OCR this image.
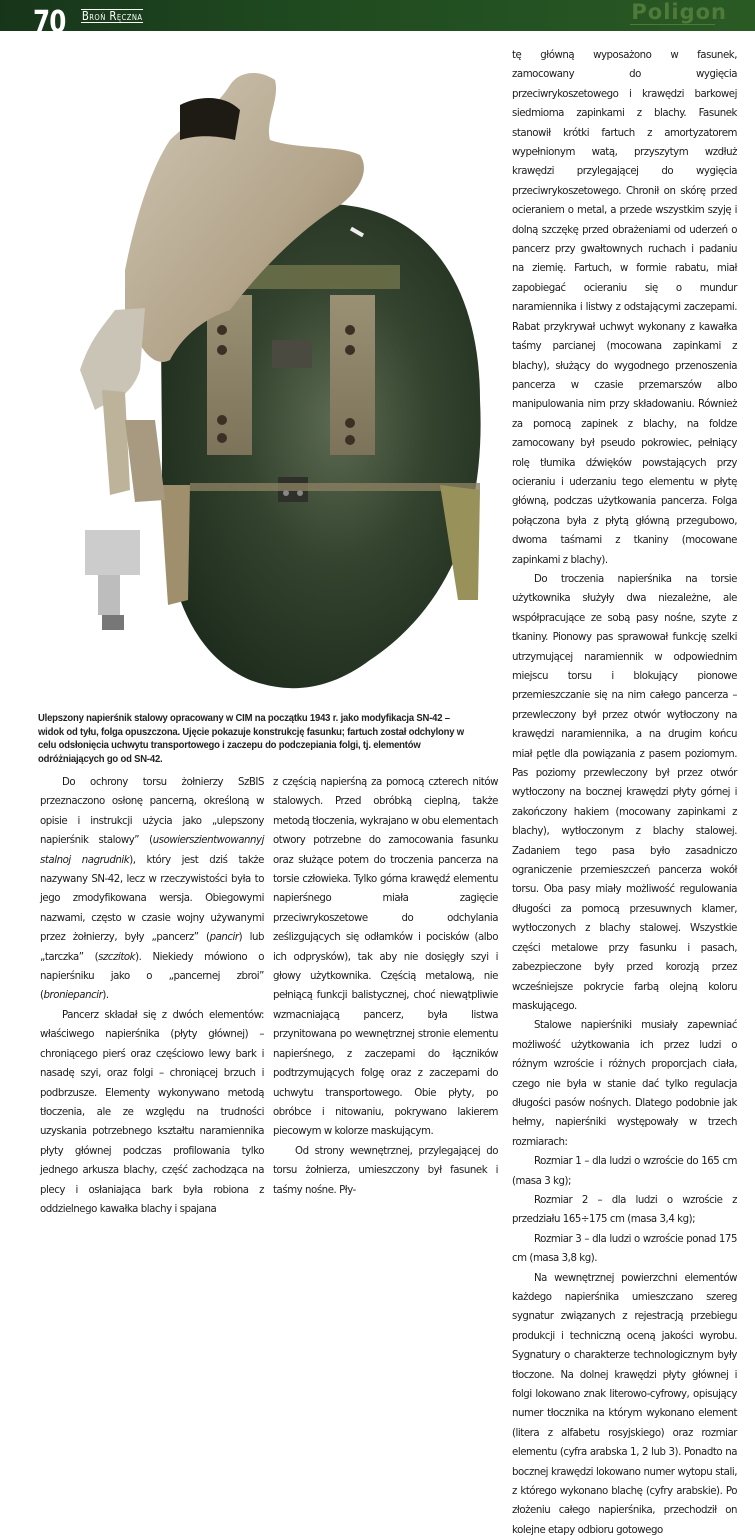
70 Broń Ręczna	Poligon
Ulepszony napierśnik stalowy opracowany w CIM na początku 1943 r. jako modyfikacja SN-42 – widok od tyłu, folga opuszczona. Ujęcie pokazuje konstrukcję fasunku; fartuch został odchylony w celu odsłonięcia uchwytu transportowego i zaczepu do podczepiania folgi, tj. elementów odróżniających go od SN-42.

Do ochrony torsu żołnierzy SzBIS przeznaczono osłonę pancerną, określoną w opisie i instrukcji użycia jako „ulepszony napierśnik stalowy” (usowierszientwowannyj stalnoj nagrudnik), który jest dziś także nazywany SN-42, lecz w rzeczywistości była to jego zmodyfikowana wersja. Obiegowymi nazwami, często w czasie wojny używanymi przez żołnierzy, były „pancerz” (pancir) lub „tarczka” (szczitok). Niekiedy mówiono o napierśniku jako o „pancernej zbroi” (broniepancir).

Pancerz składał się z dwóch elementów: właściwego napierśnika (płyty głównej) – chroniącego pierś oraz częściowo lewy bark i nasadę szyi, oraz folgi – chroniącej brzuch i podbrzusze. Elementy wykonywano metodą tłoczenia, ale ze względu na trudności uzyskania potrzebnego kształtu naramiennika płyty głównej podczas profilowania tylko jednego arkusza blachy, część zachodząca na plecy i osłaniająca bark była robiona z oddzielnego kawałka blachy i spajana

z częścią napierśną za pomocą czterech nitów stalowych. Przed obróbką cieplną, także metodą tłoczenia, wykrajano w obu elementach otwory potrzebne do zamocowania fasunku oraz służące potem do troczenia pancerza na torsie człowieka. Tylko górna krawędź elementu napierśnego miała zagięcie przeciwrykoszetowe do odchylania ześlizgujących się odłamków i pocisków (albo ich odprysków), tak aby nie dosięgły szyi i głowy użytkownika. Częścią metalową, nie pełniącą funkcji balistycznej, choć niewątpliwie wzmacniającą pancerz, była listwa przynitowana po wewnętrznej stronie elementu napierśnego, z zaczepami do łączników podtrzymujących folgę oraz z zaczepami do uchwytu transportowego. Obie płyty, po obróbce i nitowaniu, pokrywano lakierem piecowym w kolorze maskującym.

Od strony wewnętrznej, przylegającej do torsu żołnierza, umieszczony był fasunek i taśmy nośne. Pły-

tę główną wyposażono w fasunek, zamocowany do wygięcia przeciwrykoszetowego i krawędzi barkowej siedmioma zapinkami z blachy. Fasunek stanowił krótki fartuch z amortyzatorem wypełnionym watą, przyszytym wzdłuż krawędzi przylegającej do wygięcia przeciwrykoszetowego. Chronił on skórę przed ocieraniem o metal, a przede wszystkim szyję i dolną szczękę przed obrażeniami od uderzeń o pancerz przy gwałtownych ruchach i padaniu na ziemię. Fartuch, w formie rabatu, miał zapobiegać ocieraniu się o mundur naramiennika i listwy z odstającymi zaczepami. Rabat przykrywał uchwyt wykonany z kawałka taśmy parcianej (mocowana zapinkami z blachy), służący do wygodnego przenoszenia pancerza w czasie przemarszów albo manipulowania nim przy składowaniu. Również za pomocą zapinek z blachy, na foldze zamocowany był pseudo pokrowiec, pełniący rolę tłumika dźwięków powstających przy ocieraniu i uderzaniu tego elementu w płytę główną, podczas użytkowania pancerza. Folga połączona była z płytą główną przegubowo, dwoma taśmami z tkaniny (mocowane zapinkami z blachy).

Do troczenia napierśnika na torsie użytkownika służyły dwa niezależne, ale współpracujące ze sobą pasy nośne, szyte z tkaniny. Pionowy pas sprawował funkcję szelki utrzymującej naramiennik w odpowiednim miejscu torsu i blokujący pionowe przemieszczanie się na nim całego pancerza – przewleczony był przez otwór wytłoczony na krawędzi naramiennika, a na drugim końcu miał pętle dla powiązania z pasem poziomym. Pas poziomy przewleczony był przez otwór wytłoczony na bocznej krawędzi płyty górnej i zakończony hakiem (mocowany zapinkami z blachy), wytłoczonym z blachy stalowej. Zadaniem tego pasa było zasadniczo ograniczenie przemieszczeń pancerza wokół torsu. Oba pasy miały możliwość regulowania długości za pomocą przesuwnych klamer, wytłoczonych z blachy stalowej. Wszystkie części metalowe przy fasunku i pasach, zabezpieczone były przed korozją przez wcześniejsze pokrycie farbą olejną koloru maskującego.

Stalowe napierśniki musiały zapewniać możliwość użytkowania ich przez ludzi o różnym wzroście i różnych proporcjach ciała, czego nie była w stanie dać tylko regulacja długości pasów nośnych. Dlatego podobnie jak hełmy, napierśniki występowały w trzech rozmiarach:

Rozmiar 1 – dla ludzi o wzroście do 165 cm (masa 3 kg);

Rozmiar 2 – dla ludzi o wzroście z przedziału 165÷175 cm (masa 3,4 kg);

Rozmiar 3 – dla ludzi o wzroście ponad 175 cm (masa 3,8 kg).

Na wewnętrznej powierzchni elementów każdego napierśnika umieszczano szereg sygnatur związanych z rejestracją przebiegu produkcji i techniczną oceną jakości wyrobu. Sygnatury o charakterze technologicznym były tłoczone. Na dolnej krawędzi płyty głównej i folgi lokowano znak literowo-cyfrowy, opisujący numer tłocznika na którym wykonano element (litera z alfabetu rosyjskiego) oraz rozmiar elementu (cyfra arabska 1, 2 lub 3). Ponadto na bocznej krawędzi lokowano numer wytopu stali, z którego wykonano blachę (cyfry arabskie). Po złożeniu całego napierśnika, przechodził on kolejne etapy odbioru gotowego
